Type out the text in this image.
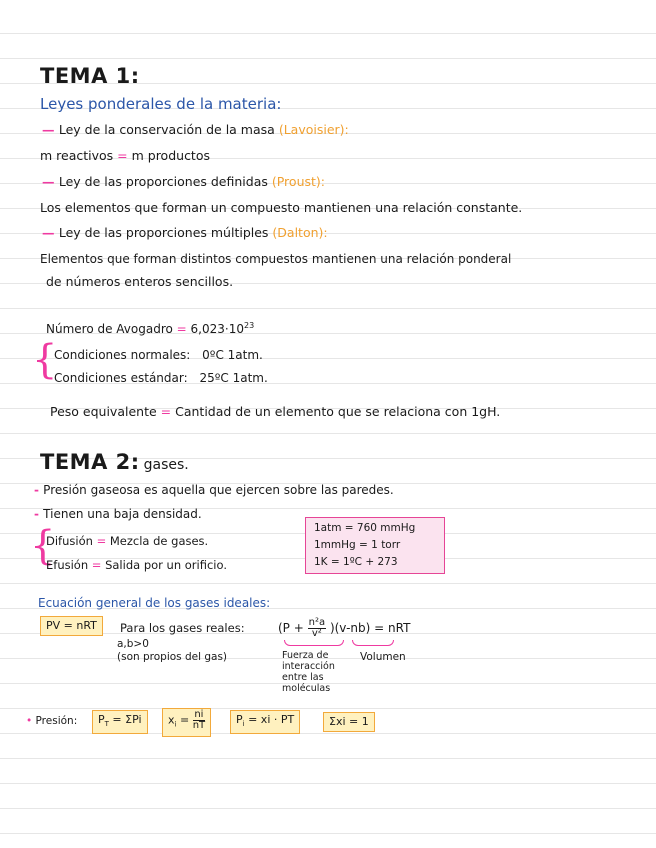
TEMA 1:
Leyes ponderales de la materia:
— Ley de la conservación de la masa (Lavoisier):
m reactivos = m productos
— Ley de las proporciones definidas (Proust):
Los elementos que forman un compuesto mantienen una relación constante.
— Ley de las proporciones múltiples (Dalton):
Elementos que forman distintos compuestos mantienen una relación ponderal
de números enteros sencillos.
Número de Avogadro = $6,023\cdot 10^{23}$
{
Condiciones normales: 0ºC 1atm.
Condiciones estándar: 25ºC 1atm.
Peso equivalente = Cantidad de un elemento que se relaciona con 1gH.
TEMA 2: gases.
- Presión gaseosa es aquella que ejercen sobre las paredes.
- Tienen una baja densidad.
{
Difusión = Mezcla de gases.
Efusión = Salida por un orificio.
1atm = 760 mmHg
1mmHg = 1 torr
1K = 1ºC + 273
Ecuación general de los gases ideales:
PV = nRT	Para los gases reales:
a,b>0
(son propios del gas)
$(P + \frac{\text{n²a}}{\text{v²}} )(v-nb)$ = nRT
Fuerza de
interacción
entre las
moléculas
Volumen
• Presión:	$P_T = \Sigma Pi$	$x_i = \frac{ni}{nT}$	$P_i$ = xi · PT	Σxi = 1
